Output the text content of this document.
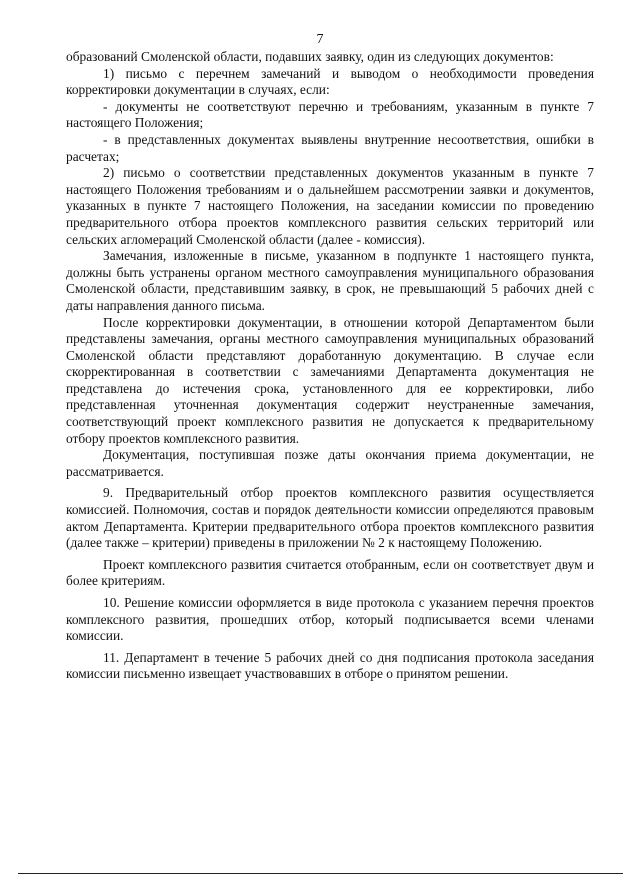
7

образований Смоленской области, подавших заявку, один из следующих документов:

1) письмо с перечнем замечаний и выводом о необходимости проведения корректировки документации в случаях, если:

- документы не соответствуют перечню и требованиям, указанным в пункте 7 настоящего Положения;

- в представленных документах выявлены внутренние несоответствия, ошибки в расчетах;

2) письмо о соответствии представленных документов указанным в пункте 7 настоящего Положения требованиям и о дальнейшем рассмотрении заявки и документов, указанных в пункте 7 настоящего Положения, на заседании комиссии по проведению предварительного отбора проектов комплексного развития сельских территорий или сельских агломераций Смоленской области (далее - комиссия).

Замечания, изложенные в письме, указанном в подпункте 1 настоящего пункта, должны быть устранены органом местного самоуправления муниципального образования Смоленской области, представившим заявку, в срок, не превышающий 5 рабочих дней с даты направления данного письма.

После корректировки документации, в отношении которой Департаментом были представлены замечания, органы местного самоуправления муниципальных образований Смоленской области представляют доработанную документацию. В случае если скорректированная в соответствии с замечаниями Департамента документация не представлена до истечения срока, установленного для ее корректировки, либо представленная уточненная документация содержит неустраненные замечания, соответствующий проект комплексного развития не допускается к предварительному отбору проектов комплексного развития.

Документация, поступившая позже даты окончания приема документации, не рассматривается.

9. Предварительный отбор проектов комплексного развития осуществляется комиссией. Полномочия, состав и порядок деятельности комиссии определяются правовым актом Департамента. Критерии предварительного отбора проектов комплексного развития (далее также – критерии) приведены в приложении № 2 к настоящему Положению.

Проект комплексного развития считается отобранным, если он соответствует двум и более критериям.

10. Решение комиссии оформляется в виде протокола с указанием перечня проектов комплексного развития, прошедших отбор, который подписывается всеми членами комиссии.

11. Департамент в течение 5 рабочих дней со дня подписания протокола заседания комиссии письменно извещает участвовавших в отборе о принятом решении.
